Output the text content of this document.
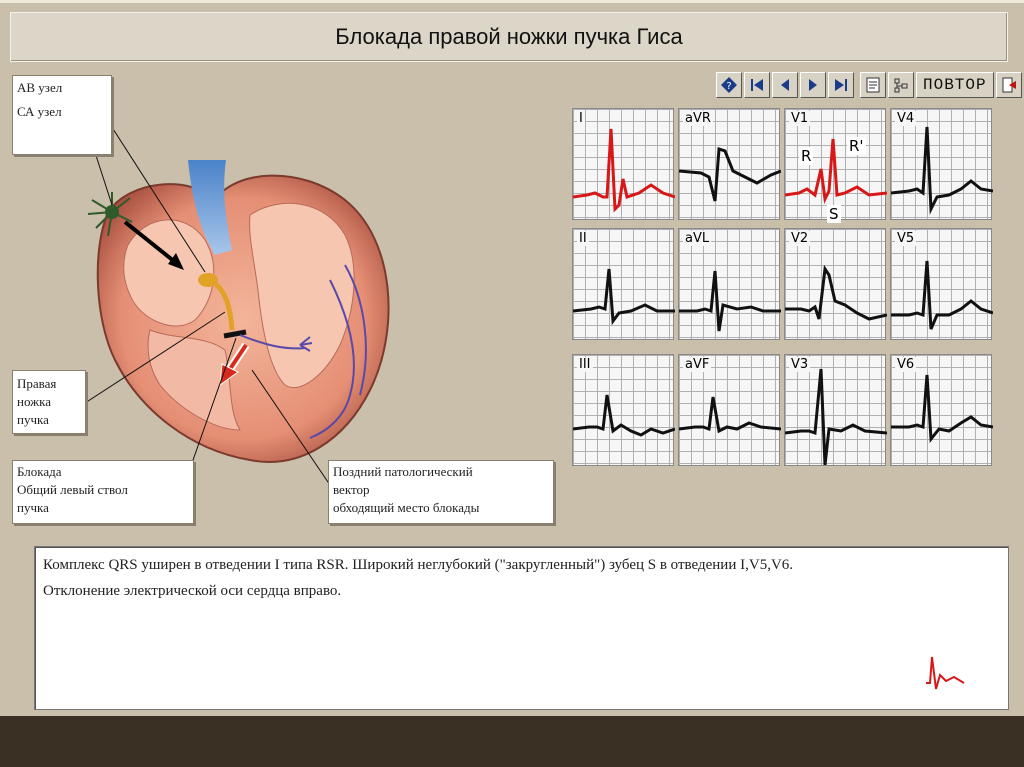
Блокада правой ножки пучка Гиса
?	ПОВТОР
АВ узел
СА узел
Правая
ножка
пучка
Блокада
Общий левый ствол
пучка
Поздний патологический
вектор
обходящий место блокады
I	aVR	V1
R
R'
S
V4
II	aVL	V2	V5
III	aVF	V3	V6
Комплекс QRS уширен в отведении I типа RSR. Широкий неглубокий ("закругленный") зубец S в отведении I,V5,V6. Отклонение электрической оси сердца вправо.
